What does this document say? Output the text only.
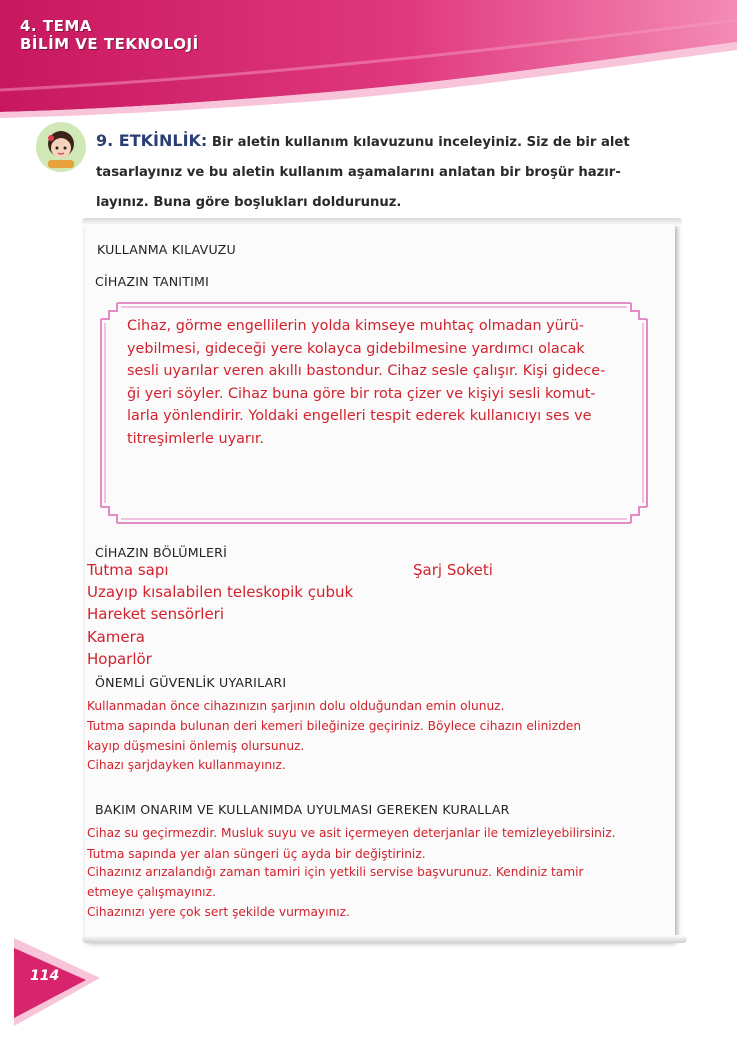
4. TEMA
BİLİM VE TEKNOLOJİ
9. ETKİNLİK: Bir aletin kullanım kılavuzunu inceleyiniz. Siz de bir alet
tasarlayınız ve bu aletin kullanım aşamalarını anlatan bir broşür hazır-
layınız. Buna göre boşlukları doldurunuz.
KULLANMA KILAVUZU
CİHAZIN TANITIMI
Cihaz, görme engellilerin yolda kimseye muhtaç olmadan yürü-
yebilmesi, gideceği yere kolayca gidebilmesine yardımcı olacak
sesli uyarılar veren akıllı bastondur. Cihaz sesle çalışır. Kişi gidece-
ği yeri söyler. Cihaz buna göre bir rota çizer ve kişiyi sesli komut-
larla yönlendirir. Yoldaki engelleri tespit ederek kullanıcıyı ses ve
titreşimlerle uyarır.
CİHAZIN BÖLÜMLERİ
Tutma sapı
Uzayıp kısalabilen teleskopik çubuk
Hareket sensörleri
Kamera
Hoparlör
Şarj Soketi
ÖNEMLİ GÜVENLİK UYARILARI
Kullanmadan önce cihazınızın şarjının dolu olduğundan emin olunuz.
Tutma sapında bulunan deri kemeri bileğinize geçiriniz. Böylece cihazın elinizden
kayıp düşmesini önlemiş olursunuz.
Cihazı şarjdayken kullanmayınız.
BAKIM ONARIM VE KULLANIMDA UYULMASI GEREKEN KURALLAR
Cihaz su geçirmezdir. Musluk suyu ve asit içermeyen deterjanlar ile temizleyebilirsiniz.
Tutma sapında yer alan süngeri üç ayda bir değiştiriniz.
Cihazınız arızalandığı zaman tamiri için yetkili servise başvurunuz. Kendiniz tamir
etmeye çalışmayınız.
Cihazınızı yere çok sert şekilde vurmayınız.
114
